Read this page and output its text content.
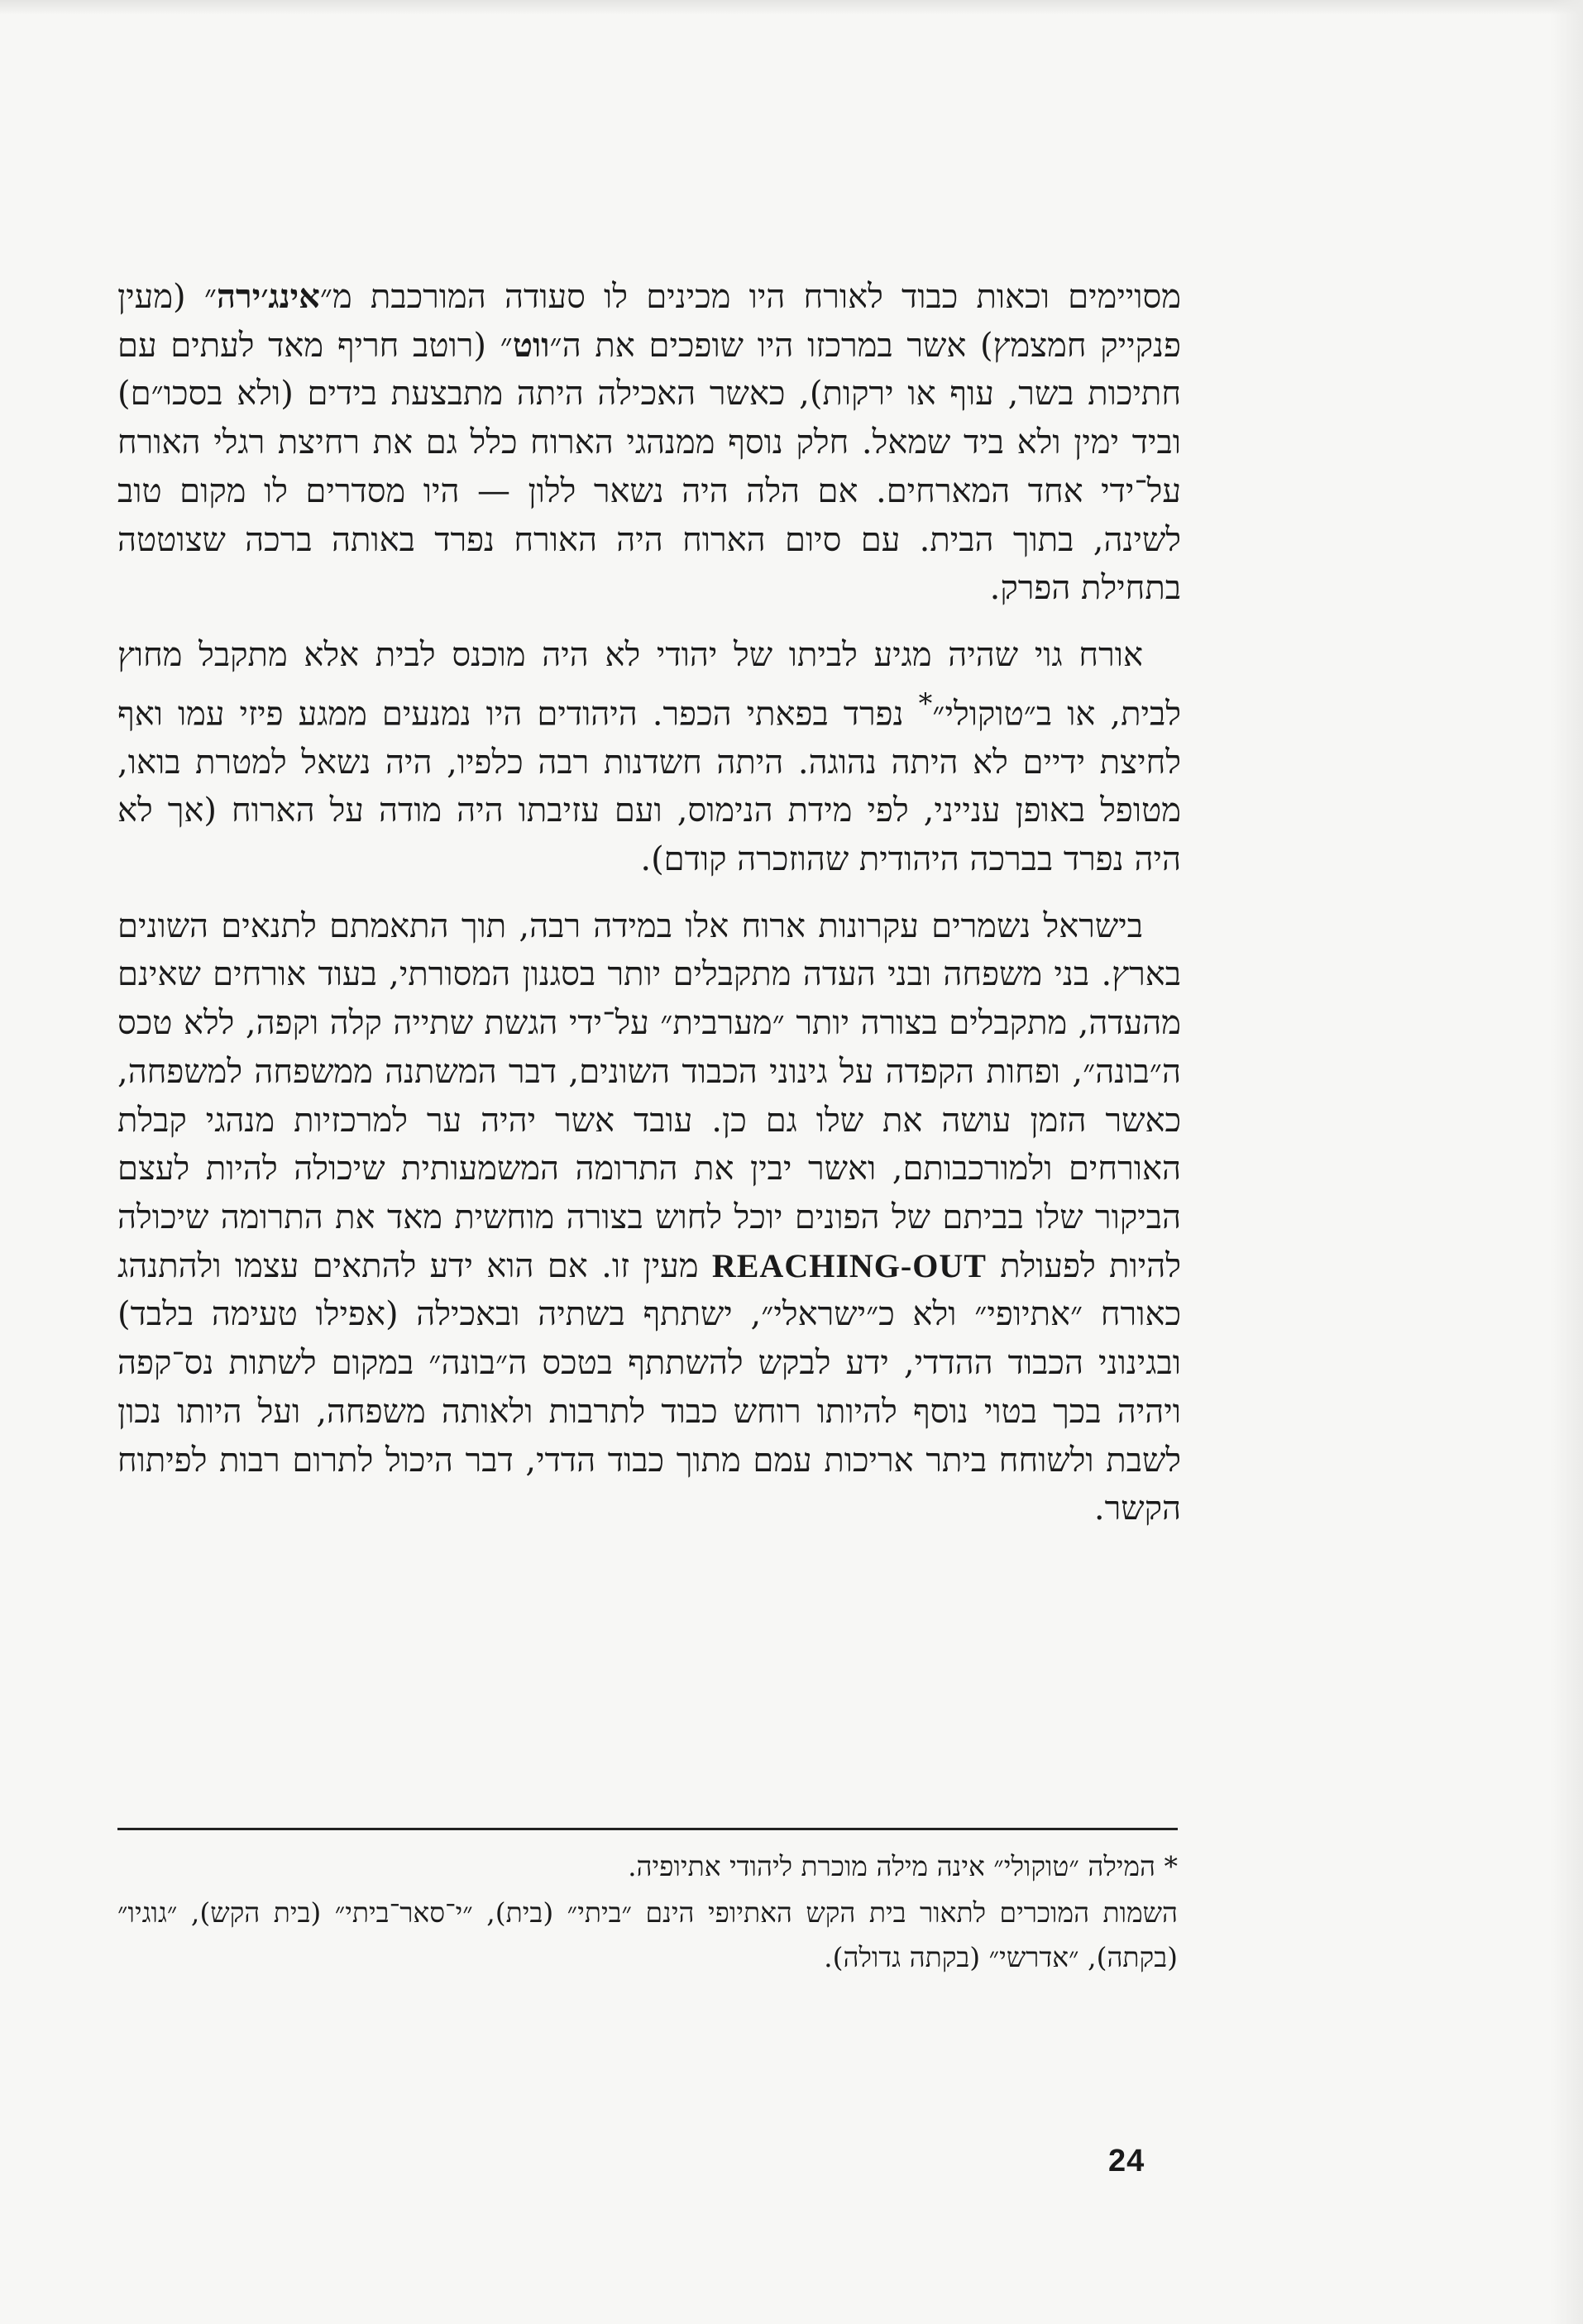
מסויימים וכאות כבוד לאורח היו מכינים לו סעודה המורכבת מ״אינג׳ירה״ (מעין פנקייק חמצמץ) אשר במרכזו היו שופכים את ה״ווט״ (רוטב חריף מאד לעתים עם חתיכות בשר, עוף או ירקות), כאשר האכילה היתה מתבצעת בידים (ולא בסכו״ם) וביד ימין ולא ביד שמאל. חלק נוסף ממנהגי הארוח כלל גם את רחיצת רגלי האורח על־ידי אחד המארחים. אם הלה היה נשאר ללון — היו מסדרים לו מקום טוב לשינה, בתוך הבית. עם סיום הארוח היה האורח נפרד באותה ברכה שצוטטה בתחילת הפרק.

אורח גוי שהיה מגיע לביתו של יהודי לא היה מוכנס לבית אלא מתקבל מחוץ לבית, או ב״טוקולי״* נפרד בפאתי הכפר. היהודים היו נמנעים ממגע פיזי עמו ואף לחיצת ידיים לא היתה נהוגה. היתה חשדנות רבה כלפיו, היה נשאל למטרת בואו, מטופל באופן ענייני, לפי מידת הנימוס, ועם עזיבתו היה מודה על הארוח (אך לא היה נפרד בברכה היהודית שהוזכרה קודם).

בישראל נשמרים עקרונות ארוח אלו במידה רבה, תוך התאמתם לתנאים השונים בארץ. בני משפחה ובני העדה מתקבלים יותר בסגנון המסורתי, בעוד אורחים שאינם מהעדה, מתקבלים בצורה יותר ״מערבית״ על־ידי הגשת שתייה קלה וקפה, ללא טכס ה״בונה״, ופחות הקפדה על גינוני הכבוד השונים, דבר המשתנה ממשפחה למשפחה, כאשר הזמן עושה את שלו גם כן. עובד אשר יהיה ער למרכזיות מנהגי קבלת האורחים ולמורכבותם, ואשר יבין את התרומה המשמעותית שיכולה להיות לעצם הביקור שלו בביתם של הפונים יוכל לחוש בצורה מוחשית מאד את התרומה שיכולה להיות לפעולת REACHING-OUT מעין זו. אם הוא ידע להתאים עצמו ולהתנהג כאורח ״אתיופי״ ולא כ״ישראלי״, ישתתף בשתיה ובאכילה (אפילו טעימה בלבד) ובגינוני הכבוד ההדדי, ידע לבקש להשתתף בטכס ה״בונה״ במקום לשתות נס־קפה ויהיה בכך בטוי נוסף להיותו רוחש כבוד לתרבות ולאותה משפחה, ועל היותו נכון לשבת ולשוחח ביתר אריכות עמם מתוך כבוד הדדי, דבר היכול לתרום רבות לפיתוח הקשר.

* המילה ״טוקולי״ אינה מילה מוכרת ליהודי אתיופיה.

השמות המוכרים לתאור בית הקש האתיופי הינם ״ביתי״ (בית), ״י־סאר־ביתי״ (בית הקש), ״גוגיו״ (בקתה), ״אדרשי״ (בקתה גדולה).

24
